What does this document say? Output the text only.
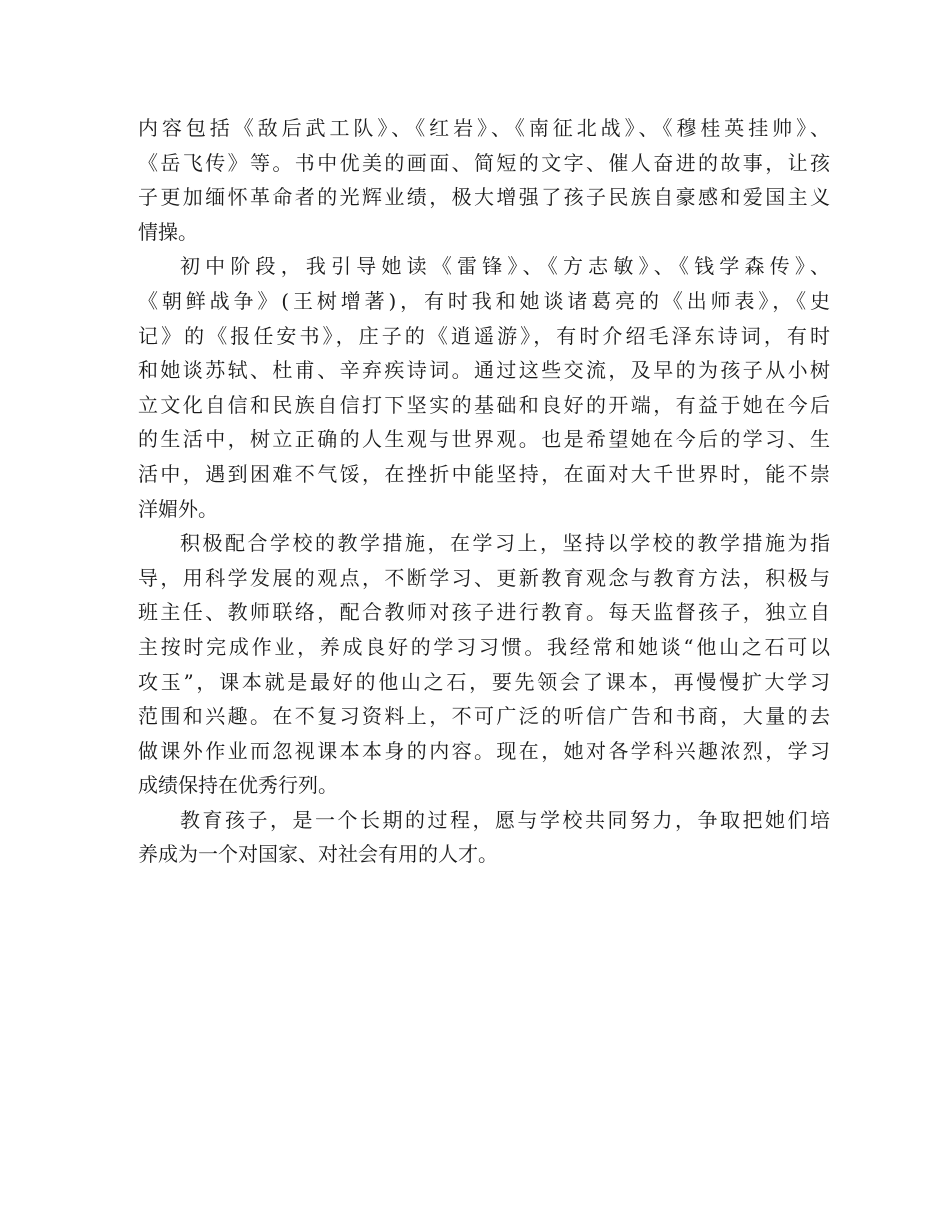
内容包括《敌后武工队》、《红岩》、《南征北战》、《穆桂英挂帅》、
《岳飞传》等。书中优美的画面、简短的文字、催人奋进的故事，让孩
子更加缅怀革命者的光辉业绩，极大增强了孩子民族自豪感和爱国主义
情操。
初中阶段，我引导她读《雷锋》、《方志敏》、《钱学森传》、
《朝鲜战争》(王树增著)，有时我和她谈诸葛亮的《出师表》，《史
记》的《报任安书》，庄子的《逍遥游》，有时介绍毛泽东诗词，有时
和她谈苏轼、杜甫、辛弃疾诗词。通过这些交流，及早的为孩子从小树
立文化自信和民族自信打下坚实的基础和良好的开端，有益于她在今后
的生活中，树立正确的人生观与世界观。也是希望她在今后的学习、生
活中，遇到困难不气馁，在挫折中能坚持，在面对大千世界时，能不崇
洋媚外。
积极配合学校的教学措施，在学习上，坚持以学校的教学措施为指
导，用科学发展的观点，不断学习、更新教育观念与教育方法，积极与
班主任、教师联络，配合教师对孩子进行教育。每天监督孩子，独立自
主按时完成作业，养成良好的学习习惯。我经常和她谈“他山之石可以
攻玉”，课本就是最好的他山之石，要先领会了课本，再慢慢扩大学习
范围和兴趣。在不复习资料上，不可广泛的听信广告和书商，大量的去
做课外作业而忽视课本本身的内容。现在，她对各学科兴趣浓烈，学习
成绩保持在优秀行列。
教育孩子，是一个长期的过程，愿与学校共同努力，争取把她们培
养成为一个对国家、对社会有用的人才。
